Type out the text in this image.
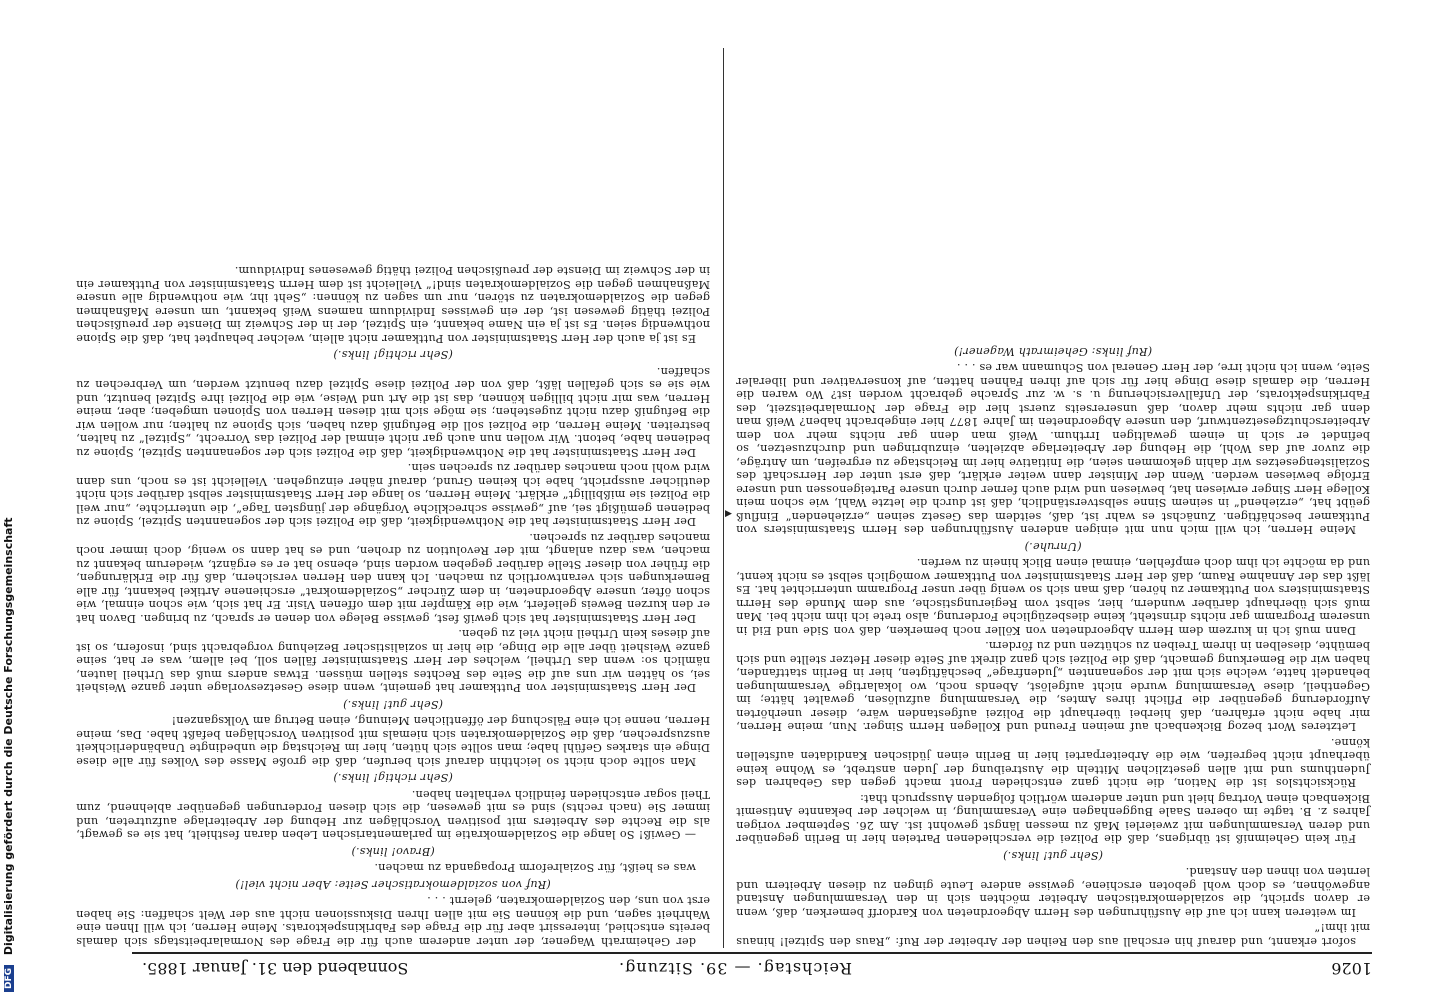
1026
Reichstag. — 39. Sitzung.
Sonnabend den 31. Januar 1885.
◂

sofort erkannt, und darauf hin erschall aus den Reihen der Arbeiter der Ruf: „Raus den Spitzel! hinaus mit ihm!“

Im weiteren kann ich auf die Ausführungen des Herrn Abgeordneten von Kardorff bemerken, daß, wenn er davon spricht, die sozialdemokratischen Arbeiter möchten sich in den Versammlungen Anstand angewöhnen, es doch wohl geboten erschiene, gewisse andere Leute gingen zu diesen Arbeitern und lernten von ihnen den Anstand.

(Sehr gut! links.)

Für kein Geheimniß ist übrigens, daß die Polizei die verschiedenen Parteien hier in Berlin gegenüber und deren Versammlungen mit zweierlei Maß zu messen längst gewohnt ist. Am 26. September vorigen Jahres z. B. tagte im oberen Saale Buggenhagen eine Versammlung, in welcher der bekannte Antisemit Bickenbach einen Vortrag hielt und unter anderem wörtlich folgenden Ausspruch that:

Rücksichtslos ist die Nation, die nicht ganz entschieden Front macht gegen das Gebahren des Judenthums und mit allen gesetzlichen Mitteln die Austreibung der Juden anstrebt, es Wohne keine überhaupt nicht begreifen, wie die Arbeiterpartei hier in Berlin einen jüdischen Kandidaten aufstellen könne.

Letzteres Wort bezog Bickenbach auf meinen Freund und Kollegen Herrn Singer. Nun, meine Herren, mir habe nicht erfahren, daß hierbei überhaupt die Polizei aufgestanden wäre, dieser unerhörten Aufforderung gegenüber die Pflicht ihres Amtes, die Versammlung aufzulösen, gewaltet hätte; im Gegentheil, diese Versammlung wurde nicht aufgelöst, Abends noch, wo lokalartige Versammlungen behandelt hatte, welche sich mit der sogenannten „Judenfrage“ beschäftigten, hier in Berlin stattfanden, haben wir die Bemerkung gemacht, daß die Polizei sich ganz direkt auf Seite dieser Hetzer stellte und sich bemühte, dieselben in ihrem Treiben zu schützen und zu fördern.

Dann muß ich in kurzem dem Herrn Abgeordneten von Köller noch bemerken, daß von Side und Eid in unserem Programm gar nichts drinsteht, keine diesbezügliche Forderung, also trete ich ihm nicht bei. Man muß sich überhaupt darüber wundern, hier, selbst vom Regierungstische, aus dem Munde des Herrn Staatsministers von Puttkamer zu hören, daß man sich so wenig über unser Programm unterrichtet hat. Es läßt das der Annahme Raum, daß der Herr Staatsminister von Puttkamer womöglich selbst es nicht kennt, und da möchte ich ihm doch empfehlen, einmal einen Blick hinein zu werfen.

(Unruhe.)

Meine Herren, ich will mich nun mit einigen anderen Ausführungen des Herrn Staatsministers von Puttkamer beschäftigen. Zunächst es wahr ist, daß, seitdem das Gesetz seinen „erziehenden“ Einfluß geübt hat, „erziehend“ in seinem Sinne selbstverständlich, daß ist durch die letzte Wahl, wie schon mein Kollege Herr Singer erwiesen hat, bewiesen und wird auch ferner durch unsere Parteigenossen und unsere Erfolge bewiesen werden. Wenn der Minister dann weiter erklärt, daß erst unter der Herrschaft des Sozialistengesetzes wir dahin gekommen seien, die Initiative hier im Reichstage zu ergreifen, um Anträge, die zuvor auf das Wohl, die Hebung der Arbeiterlage abzielten, einzubringen und durchzusetzen, so befindet er sich in einem gewaltigen Irrthum. Weiß man denn gar nichts mehr von dem Arbeiterschutzgesetzentwurf, den unsere Abgeordneten im Jahre 1877 hier eingebracht haben? Weiß man denn gar nichts mehr davon, daß unsererseits zuerst hier die Frage der Normalarbeitszeit, des Fabrikinspektorats, der Unfallversicherung u. s. w. zur Sprache gebracht worden ist? Wo waren die Herren, die damals diese Dinge hier für sich auf ihren Fahnen hatten, auf konservativer und liberaler Seite, wenn ich nicht irre, der Herr General von Schumann war es . . .

(Ruf links: Geheimrath Wagener!)

der Geheimrath Wagener, der unter anderem auch für die Frage des Normalarbeitstags sich damals bereits entschied, interessirt aber für die Frage des Fabrikinspektorats. Meine Herren, ich will Ihnen eine Wahrheit sagen, und die können Sie mit allen Ihren Diskussionen nicht aus der Welt schaffen: Sie haben erst von uns, den Sozialdemokraten, gelernt . . .

(Ruf von sozialdemokratischer Seite: Aber nicht viel!)

was es heißt, für Sozialreform Propaganda zu machen.

(Bravo! links.)

— Gewiß! So lange die Sozialdemokratie im parlamentarischen Leben daran festhielt, hat sie es gewagt, als die Rechte des Arbeiters mit positiven Vorschlägen zur Hebung der Arbeiterlage aufzutreten, und immer Sie (nach rechts) sind es mit gewesen, die sich diesen Forderungen gegenüber ablehnend, zum Theil sogar entschieden feindlich verhalten haben.

(Sehr richtig! links.)

Man sollte doch nicht so leichthin darauf sich berufen, daß die große Masse des Volkes für alle diese Dinge ein starkes Gefühl habe; man sollte sich hüten, hier im Reichstag die unbedingte Unabänderlichkeit auszusprechen, daß die Sozialdemokraten sich niemals mit positiven Vorschlägen befaßt habe. Das, meine Herren, nenne ich eine Fälschung der öffentlichen Meinung, einen Betrug am Volksganzen!

(Sehr gut! links.)

Der Herr Staatsminister von Puttkamer hat gemeint, wenn diese Gesetzesvorlage unter ganze Weisheit sei, so hätten wir uns auf die Seite des Rechtes stellen müssen. Etwas anders muß das Urtheil lauten, nämlich so: wenn das Urtheil, welches der Herr Staatsminister fällen soll, bei allem, was er hat, seine ganze Weisheit über alle die Dinge, die hier in sozialistischer Beziehung vorgebracht sind, insofern, so ist auf dieses kein Urtheil nicht viel zu geben.

Der Herr Staatsminister hat sich gewiß fest, gewisse Belege von denen er sprach, zu bringen. Davon hat er den kurzen Beweis geliefert, wie die Kämpfer mit dem offenen Visir. Er hat sich, wie schon einmal, wie schon öfter, unsere Abgeordneten, in dem Zürcher „Sozialdemokrat“ erschienene Artikel bekannt, für alle Bemerkungen sich verantwortlich zu machen. Ich kann den Herren versichern, daß für die Erklärungen, die früher von dieser Stelle darüber gegeben worden sind, ebenso hat er es ergänzt, wiederum bekannt zu machen, was dazu anlangt, mit der Revolution zu drohen, und es hat dann so wenig, doch immer noch manches darüber zu sprechen.

Der Herr Staatsminister hat die Nothwendigkeit, daß die Polizei sich der sogenannten Spitzel, Spione zu bedienen gemüßigt sei, auf „gewisse schreckliche Vorgänge der jüngsten Tage“, die unterrichte, „nur weil die Polizei sie mißbilligt“ erklärt. Meine Herren, so lange der Herr Staatsminister selbst darüber sich nicht deutlicher ausspricht, habe ich keinen Grund, darauf näher einzugehen. Vielleicht ist es noch, uns dann wird wohl noch manches darüber zu sprechen sein.

Der Herr Staatsminister hat die Nothwendigkeit, daß die Polizei sich der sogenannten Spitzel, Spione zu bedienen habe, betont. Wir wollen nun auch gar nicht einmal der Polizei das Vorrecht, „Spitzel“ zu halten, bestreiten. Meine Herren, die Polizei soll die Befugniß dazu haben, sich Spione zu halten; nur wollen wir die Befugniß dazu nicht zugestehen; sie möge sich mit diesen Herren von Spionen umgeben; aber, meine Herren, was mir nicht billigen können, das ist die Art und Weise, wie die Polizei ihre Spitzel benutzt, und wie sie es sich gefallen läßt, daß von der Polizei diese Spitzel dazu benutzt werden, um Verbrechen zu schaffen.

(Sehr richtig! links.)

Es ist ja auch der Herr Staatsminister von Puttkamer nicht allein, welcher behauptet hat, daß die Spione nothwendig seien. Es ist ja ein Name bekannt, ein Spitzel, der in der Schweiz im Dienste der preußischen Polizei thätig gewesen ist, der ein gewisses Individuum namens Weiß bekannt, um unsere Maßnahmen gegen die Sozialdemokraten zu stören, nur um sagen zu können: „Seht ihr, wie nothwendig alle unsere Maßnahmen gegen die Sozialdemokraten sind!“ Vielleicht ist dem Herrn Staatsminister von Puttkamer ein in der Schweiz im Dienste der preußischen Polizei thätig gewesenes Individuum.

DFG Digitalisierung gefördert durch die Deutsche Forschungsgemeinschaft
